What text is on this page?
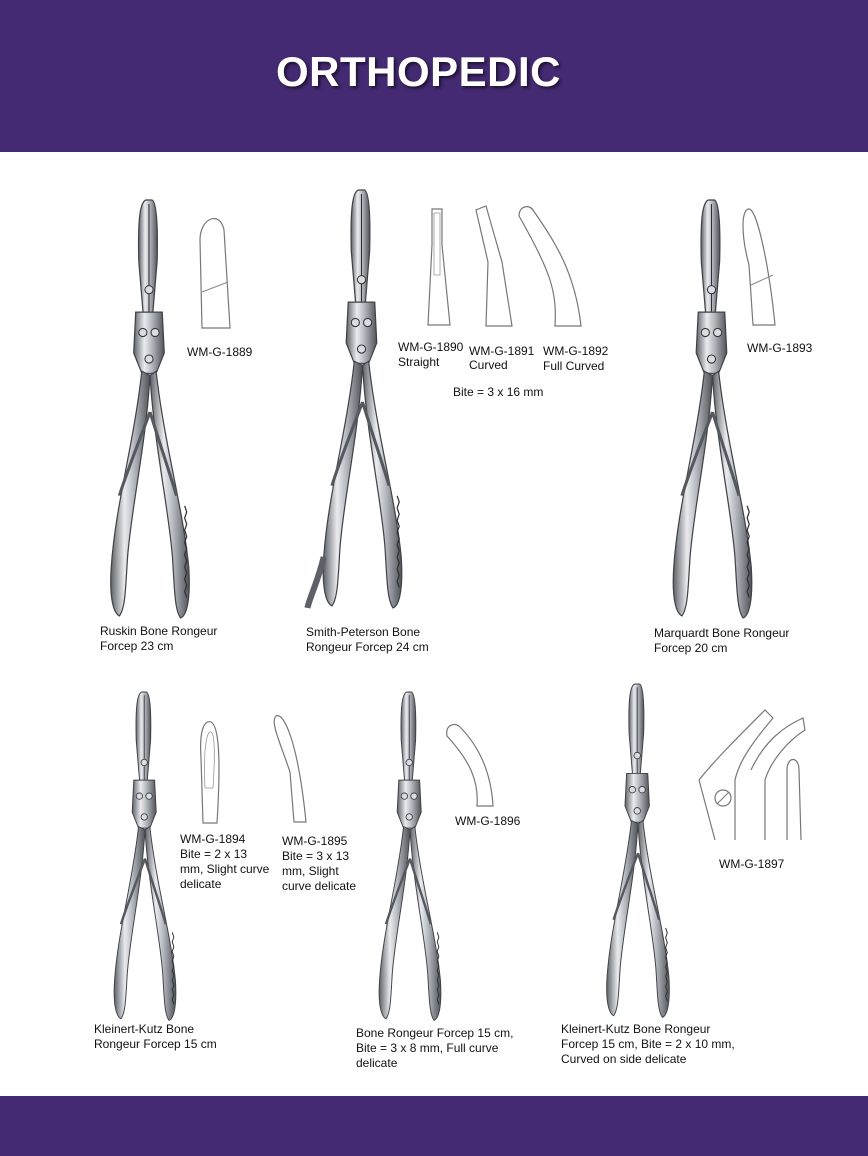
ORTHOPEDIC
WM-G-1889
Ruskin Bone Rongeur
Forcep 23 cm
WM-G-1890
Straight
WM-G-1891
Curved
WM-G-1892
Full Curved
Bite = 3 x 16 mm
Smith-Peterson Bone
Rongeur Forcep 24 cm
WM-G-1893
Marquardt Bone Rongeur
Forcep 20 cm
WM-G-1894
Bite = 2 x 13
mm, Slight curve
delicate
WM-G-1895
Bite = 3 x 13
mm, Slight
curve delicate
Kleinert-Kutz Bone
Rongeur Forcep 15 cm
WM-G-1896
Bone Rongeur Forcep 15 cm,
Bite = 3 x 8 mm, Full curve
delicate
WM-G-1897
Kleinert-Kutz Bone Rongeur
Forcep 15 cm, Bite = 2 x 10 mm,
Curved on side delicate
